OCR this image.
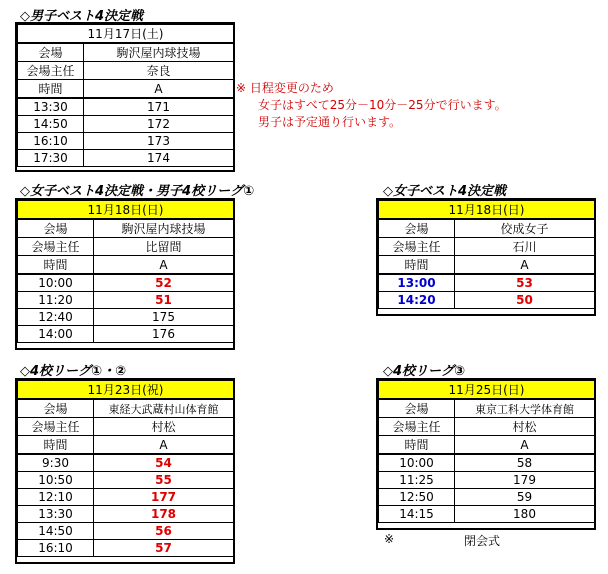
◇男子ベスト4決定戦
11月17日(土)	
会場	駒沢屋内球技場
会場主任	奈良
時間	A
13:30	171
14:50	172
16:10	173
17:30	174
※ 日程変更のため
女子はすべて25分－10分－25分で行います。
男子は予定通り行います。
◇女子ベスト4決定戦・男子4校リーグ①
11月18日(日)	
会場	駒沢屋内球技場
会場主任	比留間
時間	A
10:00	52
11:20	51
12:40	175
14:00	176
◇女子ベスト4決定戦
11月18日(日)	
会場	佼成女子
会場主任	石川
時間	A
13:00	53
14:20	50
◇4校リーグ①・②
11月23日(祝)	
会場	東経大武蔵村山体育館
会場主任	村松
時間	A
9:30	54
10:50	55
12:10	177
13:30	178
14:50	56
16:10	57
◇4校リーグ③
11月25日(日)	
会場	東京工科大学体育館
会場主任	村松
時間	A
10:00	58
11:25	179
12:50	59
14:15	180
※	閉会式
